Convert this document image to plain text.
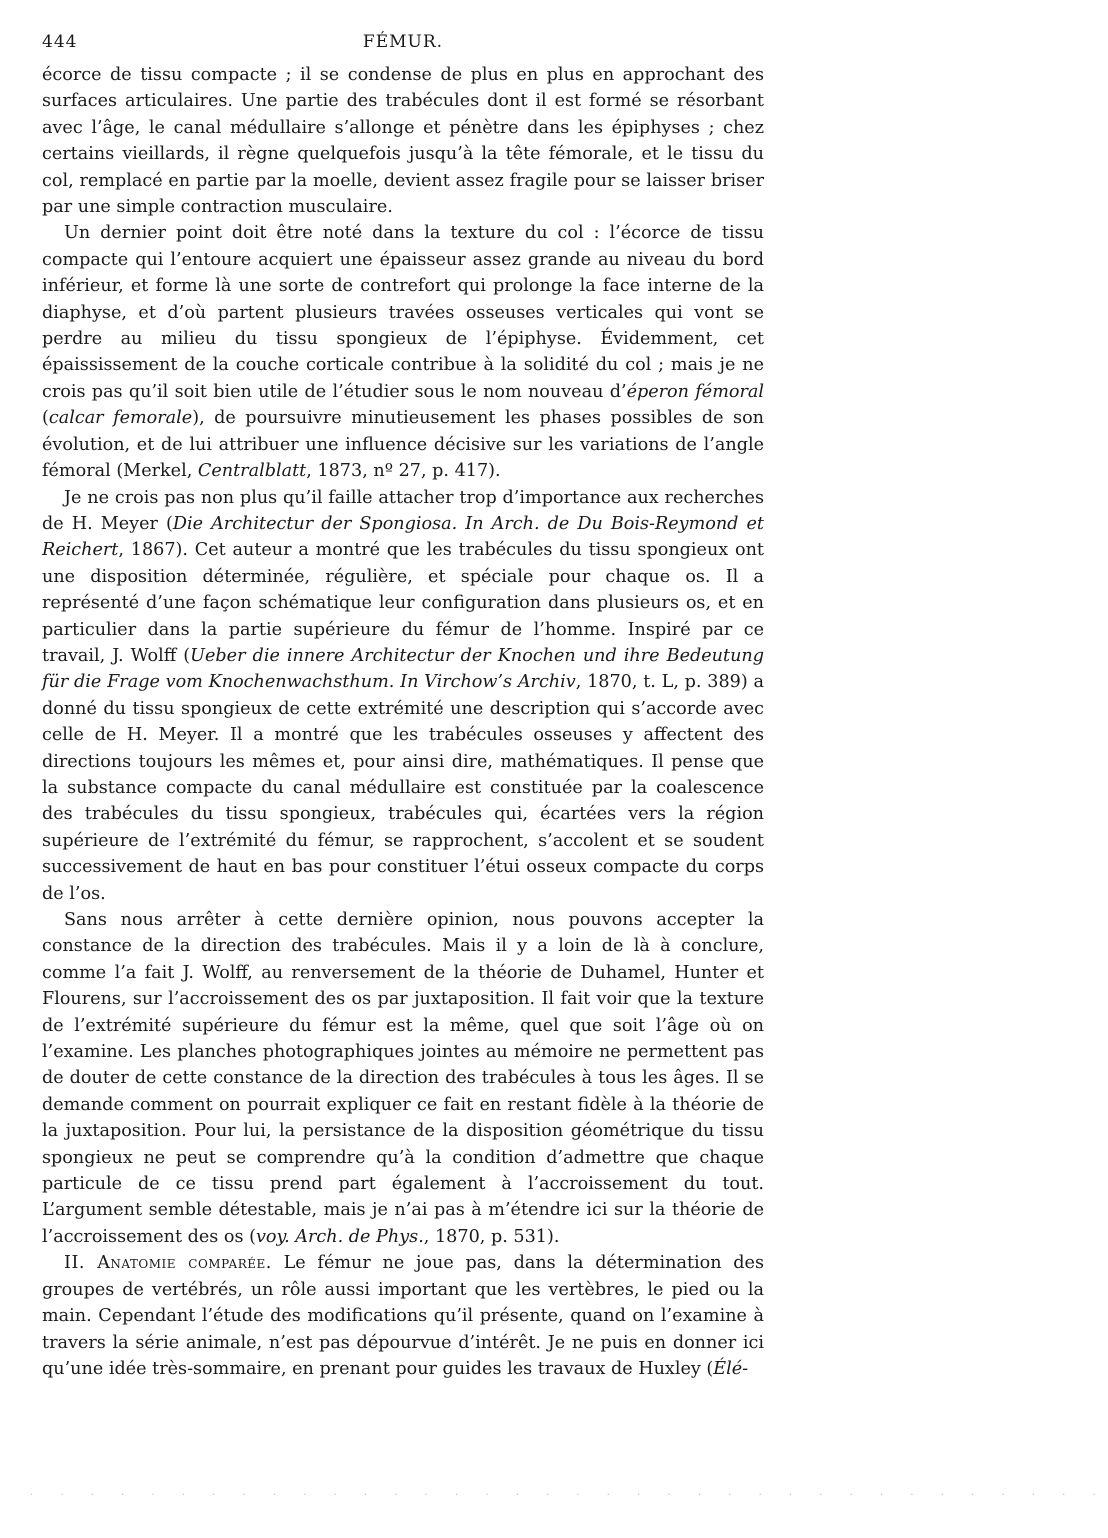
444	FÉMUR.

écorce de tissu compacte ; il se condense de plus en plus en approchant des surfaces articulaires. Une partie des trabécules dont il est formé se résorbant avec l’âge, le canal médullaire s’allonge et pénètre dans les épiphyses ; chez certains vieillards, il règne quelquefois jusqu’à la tête fémorale, et le tissu du col, remplacé en partie par la moelle, devient assez fragile pour se laisser briser par une simple contraction musculaire.

Un dernier point doit être noté dans la texture du col : l’écorce de tissu compacte qui l’entoure acquiert une épaisseur assez grande au niveau du bord inférieur, et forme là une sorte de contrefort qui prolonge la face interne de la diaphyse, et d’où partent plusieurs travées osseuses verticales qui vont se perdre au milieu du tissu spongieux de l’épiphyse. Évidemment, cet épaississement de la couche corticale contribue à la solidité du col ; mais je ne crois pas qu’il soit bien utile de l’étudier sous le nom nouveau d’éperon fémoral (calcar femorale), de poursuivre minutieusement les phases possibles de son évolution, et de lui attribuer une influence décisive sur les variations de l’angle fémoral (Merkel, Centralblatt, 1873, nº 27, p. 417).

Je ne crois pas non plus qu’il faille attacher trop d’importance aux recherches de H. Meyer (Die Architectur der Spongiosa. In Arch. de Du Bois-Reymond et Reichert, 1867). Cet auteur a montré que les trabécules du tissu spongieux ont une disposition déterminée, régulière, et spéciale pour chaque os. Il a représenté d’une façon schématique leur configuration dans plusieurs os, et en particulier dans la partie supérieure du fémur de l’homme. Inspiré par ce travail, J. Wolff (Ueber die innere Architectur der Knochen und ihre Bedeutung für die Frage vom Knochenwachsthum. In Virchow’s Archiv, 1870, t. L, p. 389) a donné du tissu spongieux de cette extrémité une description qui s’accorde avec celle de H. Meyer. Il a montré que les trabécules osseuses y affectent des directions toujours les mêmes et, pour ainsi dire, mathématiques. Il pense que la substance compacte du canal médullaire est constituée par la coalescence des trabécules du tissu spongieux, trabécules qui, écartées vers la région supérieure de l’extrémité du fémur, se rapprochent, s’accolent et se soudent successivement de haut en bas pour constituer l’étui osseux compacte du corps de l’os.

Sans nous arrêter à cette dernière opinion, nous pouvons accepter la constance de la direction des trabécules. Mais il y a loin de là à conclure, comme l’a fait J. Wolff, au renversement de la théorie de Duhamel, Hunter et Flourens, sur l’accroissement des os par juxtaposition. Il fait voir que la texture de l’extrémité supérieure du fémur est la même, quel que soit l’âge où on l’examine. Les planches photographiques jointes au mémoire ne permettent pas de douter de cette constance de la direction des trabécules à tous les âges. Il se demande comment on pourrait expliquer ce fait en restant fidèle à la théorie de la juxtaposition. Pour lui, la persistance de la disposition géométrique du tissu spongieux ne peut se comprendre qu’à la condition d’admettre que chaque particule de ce tissu prend part également à l’accroissement du tout. L’argument semble détestable, mais je n’ai pas à m’étendre ici sur la théorie de l’accroissement des os (voy. Arch. de Phys., 1870, p. 531).

II. Anatomie comparée. Le fémur ne joue pas, dans la détermination des groupes de vertébrés, un rôle aussi important que les vertèbres, le pied ou la main. Cependant l’étude des modifications qu’il présente, quand on l’examine à travers la série animale, n’est pas dépourvue d’intérêt. Je ne puis en donner ici qu’une idée très-sommaire, en prenant pour guides les travaux de Huxley (Élé-

· · · · · · · · · · · · · · · · · · · · · · · · · · · · · · · · · · · ·
